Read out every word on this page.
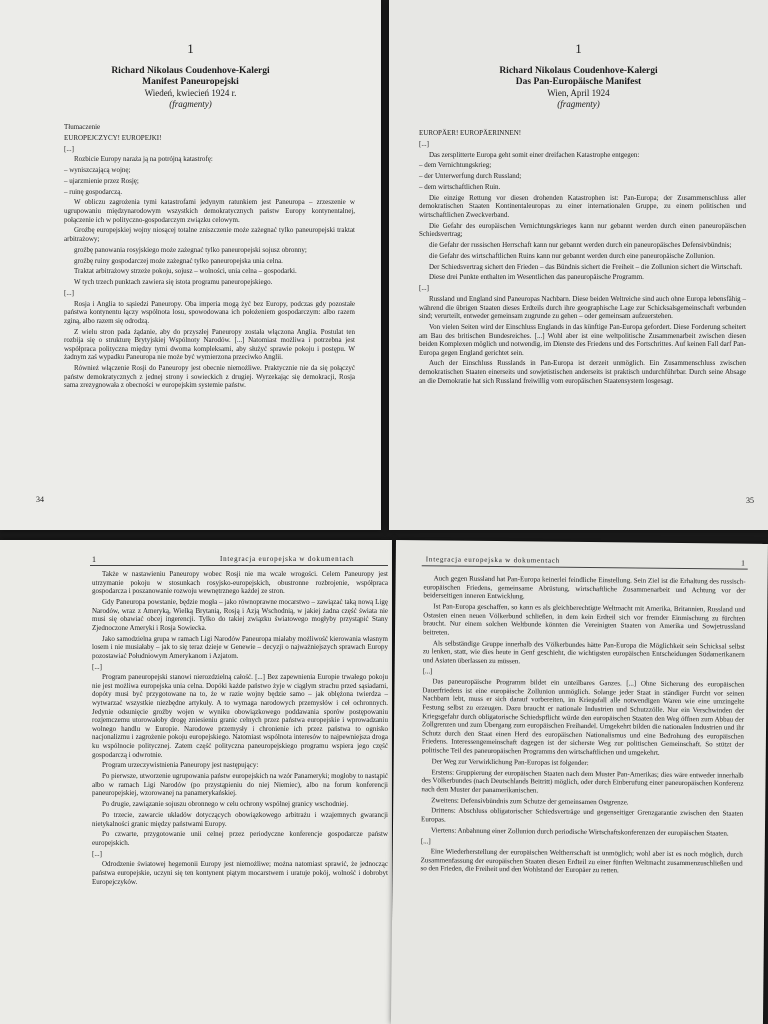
1
Richard Nikolaus Coudenhove-Kalergi
Manifest Paneuropejski
Wiedeń, kwiecień 1924 r.
(fragmenty)

Tłumaczenie

EUROPEJCZYCY! EUROPEJKI!

[...]

Rozbicie Europy naraża ją na potrójną katastrofę:

– wyniszczającą wojnę;

– ujarzmienie przez Rosję;

– ruinę gospodarczą.

W obliczu zagrożenia tymi katastrofami jedynym ratunkiem jest Paneuropa – zrzeszenie w ugrupowaniu międzynarodowym wszystkich demokratycznych państw Europy kontynentalnej, połączenie ich w polityczno-gospodarczym związku celowym.

Groźbę europejskiej wojny niosącej totalne zniszczenie może zażegnać tylko paneuropejski traktat arbitrażowy;

groźbę panowania rosyjskiego może zażegnać tylko paneuropejski sojusz obronny;

groźbę ruiny gospodarczej może zażegnać tylko paneuropejska unia celna.

Traktat arbitrażowy strzeże pokoju, sojusz – wolności, unia celna – gospodarki.

W tych trzech punktach zawiera się istota programu paneuropejskiego.

[...]

Rosja i Anglia to sąsiedzi Paneuropy. Oba imperia mogą żyć bez Europy, podczas gdy pozostałe państwa kontynentu łączy wspólnota losu, spowodowana ich położeniem gospodarczym: albo razem zginą, albo razem się odrodzą.

Z wielu stron pada żądanie, aby do przyszłej Paneuropy została włączona Anglia. Postulat ten rozbija się o strukturę Brytyjskiej Wspólnoty Narodów. [...] Natomiast możliwa i potrzebna jest współpraca polityczna między tymi dwoma kompleksami, aby służyć sprawie pokoju i postępu. W żadnym zaś wypadku Paneuropa nie może być wymierzona przeciwko Anglii.

Również włączenie Rosji do Paneuropy jest obecnie niemożliwe. Praktycznie nie da się połączyć państw demokratycznych z jednej strony i sowieckich z drugiej. Wyrzekając się demokracji, Rosja sama zrezygnowała z obecności w europejskim systemie państw.

34
1
Richard Nikolaus Coudenhove-Kalergi
Das Pan-Europäische Manifest
Wien, April 1924
(fragmenty)

EUROPÄER! EUROPÄERINNEN!

[...]

Das zersplitterte Europa geht somit einer dreifachen Katastrophe entgegen:

– dem Vernichtungskrieg;

– der Unterwerfung durch Russland;

– dem wirtschaftlichen Ruin.

Die einzige Rettung vor diesen drohenden Katastrophen ist: Pan-Europa; der Zusammenschluss aller demokratischen Staaten Kontinentaleuropas zu einer internationalen Gruppe, zu einem politischen und wirtschaftlichen Zweckverband.

Die Gefahr des europäischen Vernichtungskrieges kann nur gebannt werden durch einen paneuropäischen Schiedsvertrag;

die Gefahr der russischen Herrschaft kann nur gebannt werden durch ein paneuropäisches Defensivbündnis;

die Gefahr des wirtschaftlichen Ruins kann nur gebannt werden durch eine paneuropäische Zollunion.

Der Schiedsvertrag sichert den Frieden – das Bündnis sichert die Freiheit – die Zollunion sichert die Wirtschaft.

Diese drei Punkte enthalten im Wesentlichen das paneuropäische Programm.

[...]

Russland und England sind Paneuropas Nachbarn. Diese beiden Weltreiche sind auch ohne Europa lebensfähig – während die übrigen Staaten dieses Erdteils durch ihre geographische Lage zur Schicksalsgemeinschaft verbunden sind; verurteilt, entweder gemeinsam zugrunde zu gehen – oder gemeinsam aufzuerstehen.

Von vielen Seiten wird der Einschluss Englands in das künftige Pan-Europa gefordert. Diese Forderung scheitert am Bau des britischen Bundesreiches. [...] Wohl aber ist eine weltpolitische Zusammenarbeit zwischen diesen beiden Komplexen möglich und notwendig, im Dienste des Friedens und des Fortschrittes. Auf keinen Fall darf Pan-Europa gegen England gerichtet sein.

Auch der Einschluss Russlands in Pan-Europa ist derzeit unmöglich. Ein Zusammenschluss zwischen demokratischen Staaten einerseits und sowjetistischen anderseits ist praktisch undurchführbar. Durch seine Absage an die Demokratie hat sich Russland freiwillig vom europäischen Staatensystem losgesagt.

35
1	Integracja europejska w dokumentach

Także w nastawieniu Paneuropy wobec Rosji nie ma wcale wrogości. Celem Paneuropy jest utrzymanie pokoju w stosunkach rosyjsko-europejskich, obustronne rozbrojenie, współpraca gospodarcza i poszanowanie rozwoju wewnętrznego każdej ze stron.

Gdy Paneuropa powstanie, będzie mogła – jako równoprawne mocarstwo – zawiązać taką nową Ligę Narodów, wraz z Ameryką, Wielką Brytanią, Rosją i Azją Wschodnią, w jakiej żadna część świata nie musi się obawiać obcej ingerencji. Tylko do takiej związku światowego mogłyby przystąpić Stany Zjednoczone Ameryki i Rosja Sowiecka.

Jako samodzielna grupa w ramach Ligi Narodów Paneuropa miałaby możliwość kierowania własnym losem i nie musiałaby – jak to się teraz dzieje w Genewie – decyzji o najważniejszych sprawach Europy pozostawiać Południowym Amerykanom i Azjatom.

[...]

Program paneuropejski stanowi nierozdzielną całość. [...] Bez zapewnienia Europie trwałego pokoju nie jest możliwa europejska unia celna. Dopóki każde państwo żyje w ciągłym strachu przed sąsiadami, dopóty musi być przygotowane na to, że w razie wojny będzie samo – jak oblężona twierdza – wytwarzać wszystkie niezbędne artykuły. A to wymaga narodowych przemysłów i ceł ochronnych. Jedynie odsunięcie groźby wojen w wyniku obowiązkowego poddawania sporów postępowaniu rozjemczemu utorowałoby drogę zniesieniu granic celnych przez państwa europejskie i wprowadzaniu wolnego handlu w Europie. Narodowe przemysły i chronienie ich przez państwa to ognisko nacjonalizmu i zagrożenie pokoju europejskiego. Natomiast wspólnota interesów to najpewniejsza droga ku wspólnocie politycznej. Zatem część polityczna paneuropejskiego programu wspiera jego część gospodarczą i odwrotnie.

Program urzeczywistnienia Paneuropy jest następujący:

Po pierwsze, utworzenie ugrupowania państw europejskich na wzór Panameryki; mogłoby to nastąpić albo w ramach Ligi Narodów (po przystąpieniu do niej Niemiec), albo na forum konferencji paneuropejskiej, wzorowanej na panamerykańskiej.

Po drugie, zawiązanie sojuszu obronnego w celu ochrony wspólnej granicy wschodniej.

Po trzecie, zawarcie układów dotyczących obowiązkowego arbitrażu i wzajemnych gwarancji nietykalności granic między państwami Europy.

Po czwarte, przygotowanie unii celnej przez periodyczne konferencje gospodarcze państw europejskich.

[...]

Odrodzenie światowej hegemonii Europy jest niemożliwe; można natomiast sprawić, że jednocząc państwa europejskie, uczyni się ten kontynent piątym mocarstwem i uratuje pokój, wolność i dobrobyt Europejczyków.

Integracja europejska w dokumentach	1

Auch gegen Russland hat Pan-Europa keinerlei feindliche Einstellung. Sein Ziel ist die Erhaltung des russisch-europäischen Friedens, gemeinsame Abrüstung, wirtschaftliche Zusammenarbeit und Achtung vor der beiderseitigen inneren Entwicklung.

Ist Pan-Europa geschaffen, so kann es als gleichberechtigte Weltmacht mit Amerika, Britannien, Russland und Ostasien einen neuen Völkerbund schließen, in dem kein Erdteil sich vor fremder Einmischung zu fürchten braucht. Nur einem solchen Weltbunde könnten die Vereinigten Staaten von Amerika und Sowjetrussland beitreten.

Als selbständige Gruppe innerhalb des Völkerbundes hätte Pan-Europa die Möglichkeit sein Schicksal selbst zu lenken, statt, wie dies heute in Genf geschieht, die wichtigsten europäischen Entscheidungen Südamerikanern und Asiaten überlassen zu müssen.

[...]

Das paneuropäische Programm bildet ein unteilbares Ganzes. [...] Ohne Sicherung des europäischen Dauerfriedens ist eine europäische Zollunion unmöglich. Solange jeder Staat in ständiger Furcht vor seinen Nachbarn lebt, muss er sich darauf vorbereiten, im Kriegsfall alle notwendigen Waren wie eine umzingelte Festung selbst zu erzeugen. Dazu braucht er nationale Industrien und Schutzzölle. Nur ein Verschwinden der Kriegsgefahr durch obligatorische Schiedspflicht würde den europäischen Staaten den Weg öffnen zum Abbau der Zollgrenzen und zum Übergang zum europäischen Freihandel. Umgekehrt bilden die nationalen Industrien und ihr Schutz durch den Staat einen Herd des europäischen Nationalismus und eine Bedrohung des europäischen Friedens. Interessengemeinschaft dagegen ist der sicherste Weg zur politischen Gemeinschaft. So stützt der politische Teil des paneuropäischen Programms den wirtschaftlichen und umgekehrt.

Der Weg zur Verwirklichung Pan-Europas ist folgender:

Erstens: Gruppierung der europäischen Staaten nach dem Muster Pan-Amerikas; dies wäre entweder innerhalb des Völkerbundes (nach Deutschlands Beitritt) möglich, oder durch Einberufung einer paneuropäischen Konferenz nach dem Muster der panamerikanischen.

Zweitens: Defensivbündnis zum Schutze der gemeinsamen Ostgrenze.

Drittens: Abschluss obligatorischer Schiedsverträge und gegenseitiger Grenzgarantie zwischen den Staaten Europas.

Viertens: Anbahnung einer Zollunion durch periodische Wirtschaftskonferenzen der europäischen Staaten.

[...]

Eine Wiederherstellung der europäischen Weltherrschaft ist unmöglich; wohl aber ist es noch möglich, durch Zusammenfassung der europäischen Staaten diesen Erdteil zu einer fünften Weltmacht zusammenzuschließen und so den Frieden, die Freiheit und den Wohlstand der Europäer zu retten.
